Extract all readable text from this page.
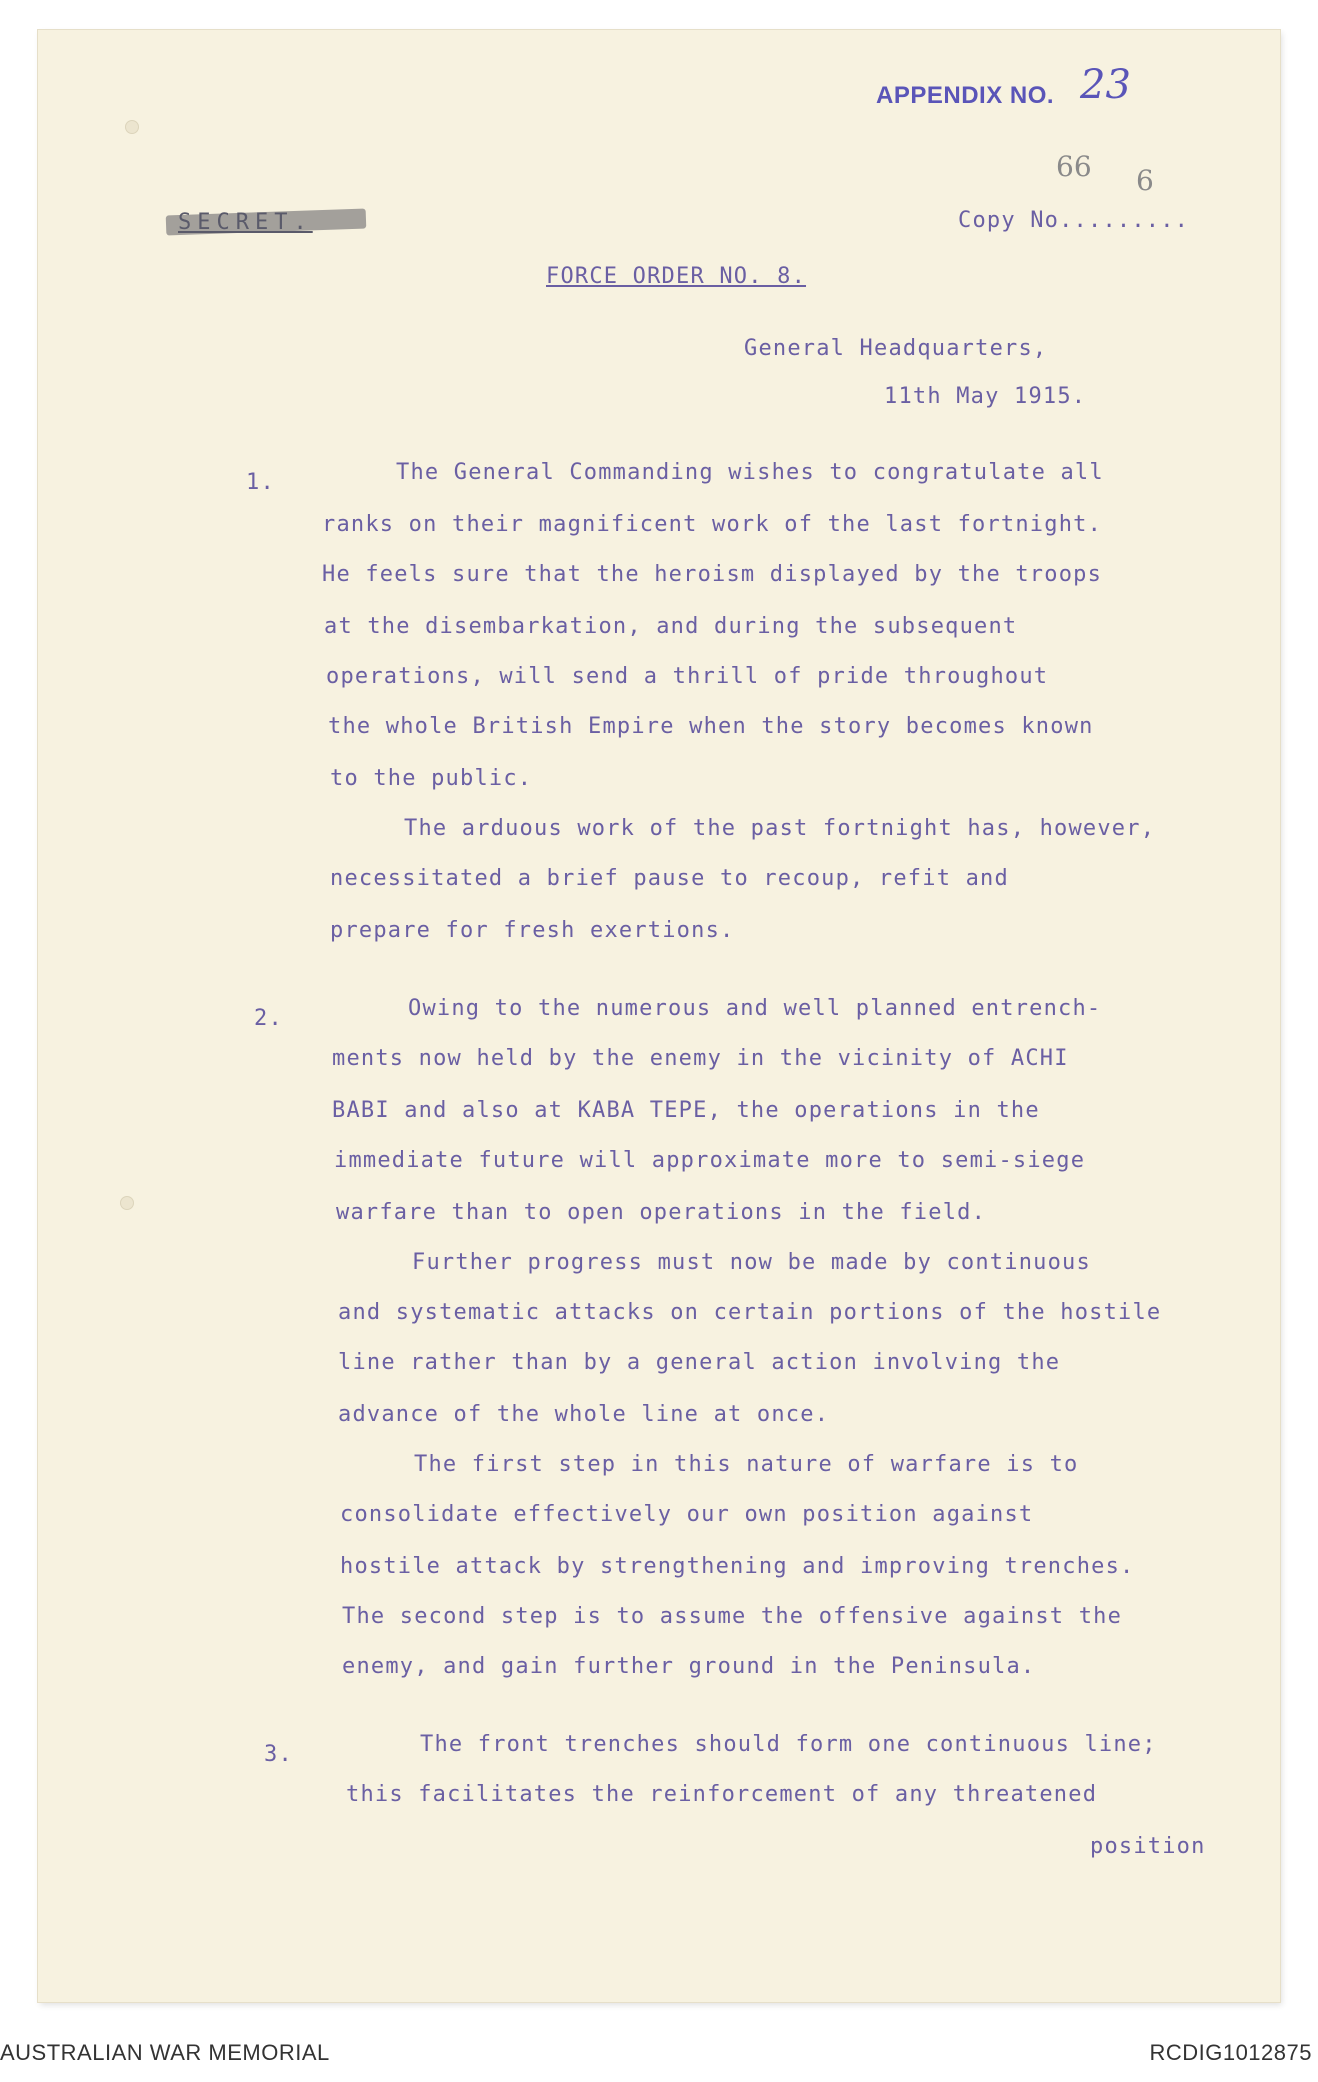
APPENDIX NO. 23
66 6
SECRET.	Copy No.........
FORCE ORDER NO. 8.
General Headquarters,
11th May 1915.
1.	The General Commanding wishes to congratulate all
ranks on their magnificent work of the last fortnight.
He feels sure that the heroism displayed by the troops
at the disembarkation, and during the subsequent
operations, will send a thrill of pride throughout
the whole British Empire when the story becomes known
to the public.
The arduous work of the past fortnight has, however,
necessitated a brief pause to recoup, refit and
prepare for fresh exertions.
2.	Owing to the numerous and well planned entrench-
ments now held by the enemy in the vicinity of ACHI
BABI and also at KABA TEPE, the operations in the
immediate future will approximate more to semi-siege
warfare than to open operations in the field.
Further progress must now be made by continuous
and systematic attacks on certain portions of the hostile
line rather than by a general action involving the
advance of the whole line at once.
The first step in this nature of warfare is to
consolidate effectively our own position against
hostile attack by strengthening and improving trenches.
The second step is to assume the offensive against the
enemy, and gain further ground in the Peninsula.
3.	The front trenches should form one continuous line;
this facilitates the reinforcement of any threatened
position
AUSTRALIAN WAR MEMORIAL	RCDIG1012875
